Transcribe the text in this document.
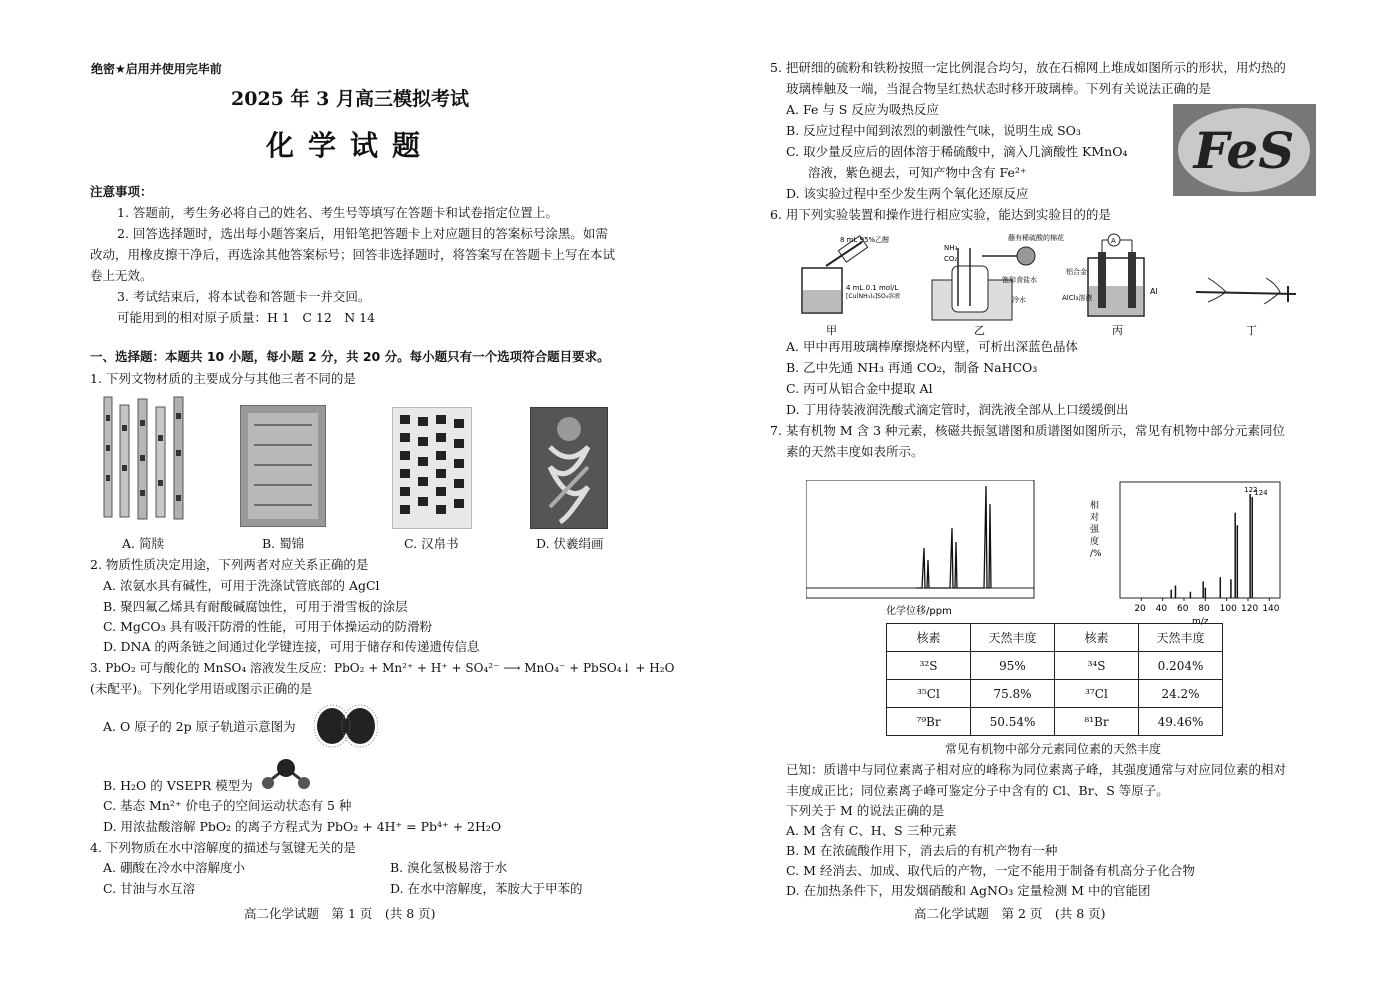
绝密★启用并使用完毕前
2025 年 3 月高三模拟考试
化学试题
注意事项：
1. 答题前，考生务必将自己的姓名、考生号等填写在答题卡和试卷指定位置上。
2. 回答选择题时，选出每小题答案后，用铅笔把答题卡上对应题目的答案标号涂黑。如需
改动，用橡皮擦干净后，再选涂其他答案标号；回答非选择题时，将答案写在答题卡上写在本试
卷上无效。
3. 考试结束后，将本试卷和答题卡一并交回。
可能用到的相对原子质量：H 1　C 12　N 14
一、选择题：本题共 10 小题，每小题 2 分，共 20 分。每小题只有一个选项符合题目要求。
1. 下列文物材质的主要成分与其他三者不同的是
A. 简牍	B. 蜀锦	C. 汉帛书	D. 伏羲绢画
2. 物质性质决定用途，下列两者对应关系正确的是
A. 浓氨水具有碱性，可用于洗涤试管底部的 AgCl
B. 聚四氟乙烯具有耐酸碱腐蚀性，可用于滑雪板的涂层
C. MgCO₃ 具有吸汗防滑的性能，可用于体操运动的防滑粉
D. DNA 的两条链之间通过化学键连接，可用于储存和传递遗传信息
3. PbO₂ 可与酸化的 MnSO₄ 溶液发生反应：PbO₂ + Mn²⁺ + H⁺ + SO₄²⁻ ⟶ MnO₄⁻ + PbSO₄↓ + H₂O
(未配平)。下列化学用语或图示正确的是
A. O 原子的 2p 原子轨道示意图为
B. H₂O 的 VSEPR 模型为
C. 基态 Mn²⁺ 价电子的空间运动状态有 5 种
D. 用浓盐酸溶解 PbO₂ 的离子方程式为 PbO₂ + 4H⁺ = Pb⁴⁺ + 2H₂O
4. 下列物质在水中溶解度的描述与氢键无关的是
A. 硼酸在冷水中溶解度小	B. 溴化氢极易溶于水
C. 甘油与水互溶	D. 在水中溶解度，苯胺大于甲苯的
高二化学试题　第 1 页　(共 8 页)
5. 把研细的硫粉和铁粉按照一定比例混合均匀，放在石棉网上堆成如图所示的形状，用灼热的
玻璃棒触及一端，当混合物呈红热状态时移开玻璃棒。下列有关说法正确的是
A. Fe 与 S 反应为吸热反应
B. 反应过程中闻到浓烈的刺激性气味，说明生成 SO₃
C. 取少量反应后的固体溶于稀硫酸中，滴入几滴酸性 KMnO₄
溶液，紫色褪去，可知产物中含有 Fe²⁺
D. 该实验过程中至少发生两个氧化还原反应
FeS
6. 用下列实验装置和操作进行相应实验，能达到实验目的的是
8 mL 95%乙醇
4 mL 0.1 mol/L
[Cu(NH₃)₄]SO₄溶液
NH₃
CO₂
蘸有稀硫酸的棉花
饱和食盐水
冷水
A
铝合金
AlCl₃溶液
Al
甲	乙	丙	丁
A. 甲中再用玻璃棒摩擦烧杯内壁，可析出深蓝色晶体
B. 乙中先通 NH₃ 再通 CO₂，制备 NaHCO₃
C. 丙可从铝合金中提取 Al
D. 丁用待装液润洗酸式滴定管时，润洗液全部从上口缓缓倒出
7. 某有机物 M 含 3 种元素，核磁共振氢谱图和质谱图如图所示，常见有机物中部分元素同位
素的天然丰度如表所示。
化学位移/ppm
相
对
强
度
/%
122
124
20 40 60 80 100 120 140
m/z
核素	天然丰度	核素	天然丰度
³²S	95%	³⁴S	0.204%
³⁵Cl	75.8%	³⁷Cl	24.2%
⁷⁹Br	50.54%	⁸¹Br	49.46%
常见有机物中部分元素同位素的天然丰度
已知：质谱中与同位素离子相对应的峰称为同位素离子峰，其强度通常与对应同位素的相对
丰度成正比；同位素离子峰可鉴定分子中含有的 Cl、Br、S 等原子。
下列关于 M 的说法正确的是
A. M 含有 C、H、S 三种元素
B. M 在浓硫酸作用下，消去后的有机产物有一种
C. M 经消去、加成、取代后的产物，一定不能用于制备有机高分子化合物
D. 在加热条件下，用发烟硝酸和 AgNO₃ 定量检测 M 中的官能团
高二化学试题　第 2 页　(共 8 页)
